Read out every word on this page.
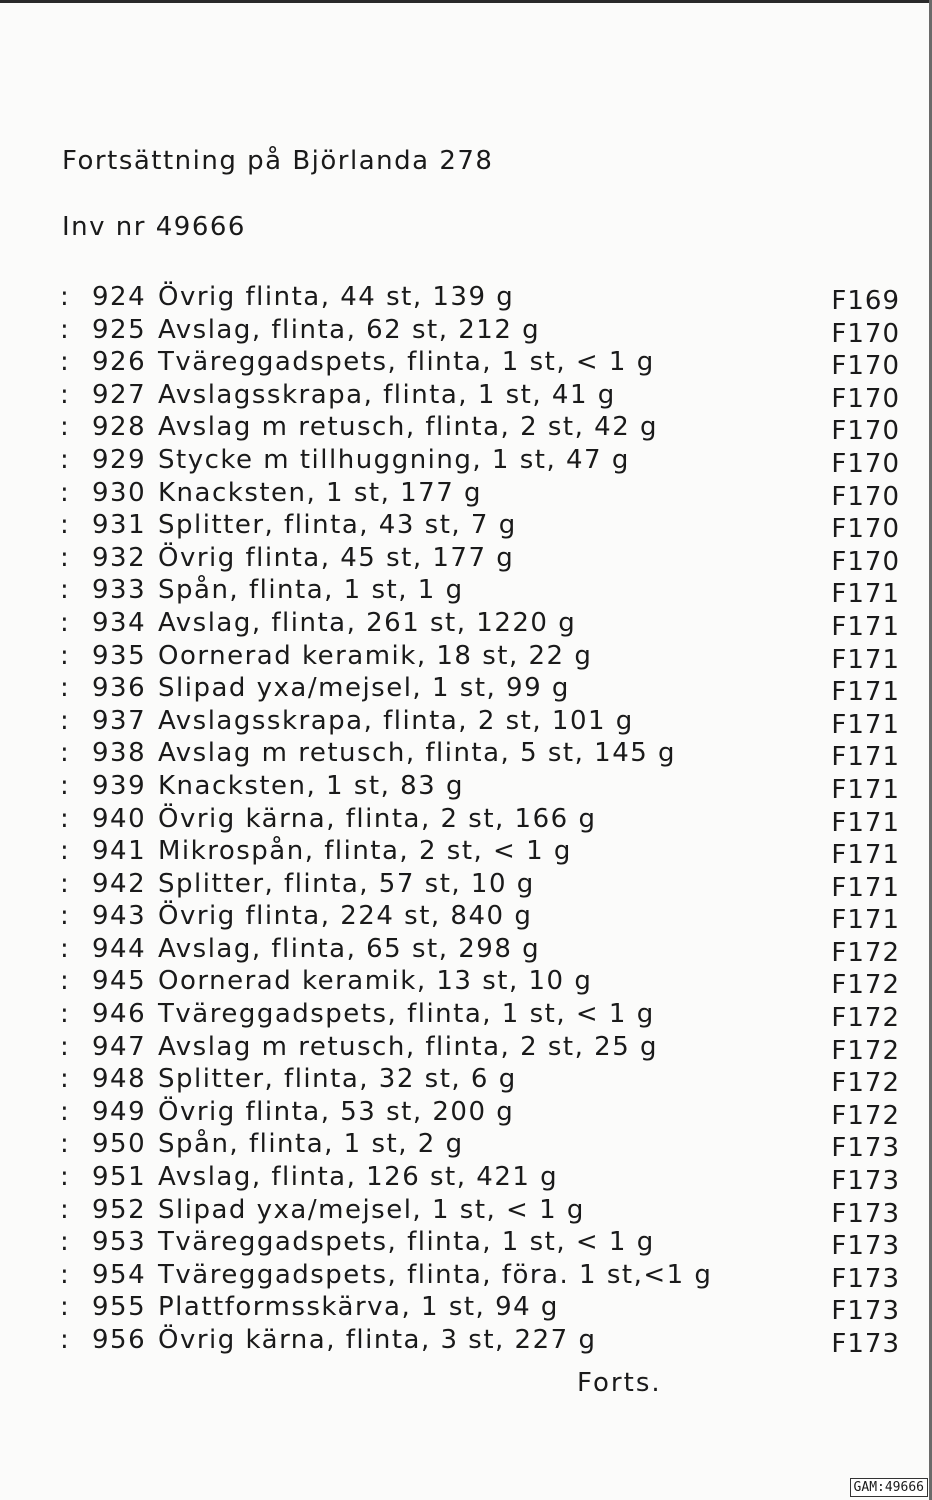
Fortsättning på Björlanda 278
Inv nr 49666
: 924 Övrig flinta, 44 st, 139 g	F169
: 925 Avslag, flinta, 62 st, 212 g	F170
: 926 Tväreggadspets, flinta, 1 st, < 1 g	F170
: 927 Avslagsskrapa, flinta, 1 st, 41 g	F170
: 928 Avslag m retusch, flinta, 2 st, 42 g	F170
: 929 Stycke m tillhuggning, 1 st, 47 g	F170
: 930 Knacksten, 1 st, 177 g	F170
: 931 Splitter, flinta, 43 st, 7 g	F170
: 932 Övrig flinta, 45 st, 177 g	F170
: 933 Spån, flinta, 1 st, 1 g	F171
: 934 Avslag, flinta, 261 st, 1220 g	F171
: 935 Oornerad keramik, 18 st, 22 g	F171
: 936 Slipad yxa/mejsel, 1 st, 99 g	F171
: 937 Avslagsskrapa, flinta, 2 st, 101 g	F171
: 938 Avslag m retusch, flinta, 5 st, 145 g	F171
: 939 Knacksten, 1 st, 83 g	F171
: 940 Övrig kärna, flinta, 2 st, 166 g	F171
: 941 Mikrospån, flinta, 2 st, < 1 g	F171
: 942 Splitter, flinta, 57 st, 10 g	F171
: 943 Övrig flinta, 224 st, 840 g	F171
: 944 Avslag, flinta, 65 st, 298 g	F172
: 945 Oornerad keramik, 13 st, 10 g	F172
: 946 Tväreggadspets, flinta, 1 st, < 1 g	F172
: 947 Avslag m retusch, flinta, 2 st, 25 g	F172
: 948 Splitter, flinta, 32 st, 6 g	F172
: 949 Övrig flinta, 53 st, 200 g	F172
: 950 Spån, flinta, 1 st, 2 g	F173
: 951 Avslag, flinta, 126 st, 421 g	F173
: 952 Slipad yxa/mejsel, 1 st, < 1 g	F173
: 953 Tväreggadspets, flinta, 1 st, < 1 g	F173
: 954 Tväreggadspets, flinta, föra. 1 st,<1 g	F173
: 955 Plattformsskärva, 1 st, 94 g	F173
: 956 Övrig kärna, flinta, 3 st, 227 g	F173
Forts.
GAM:49666
